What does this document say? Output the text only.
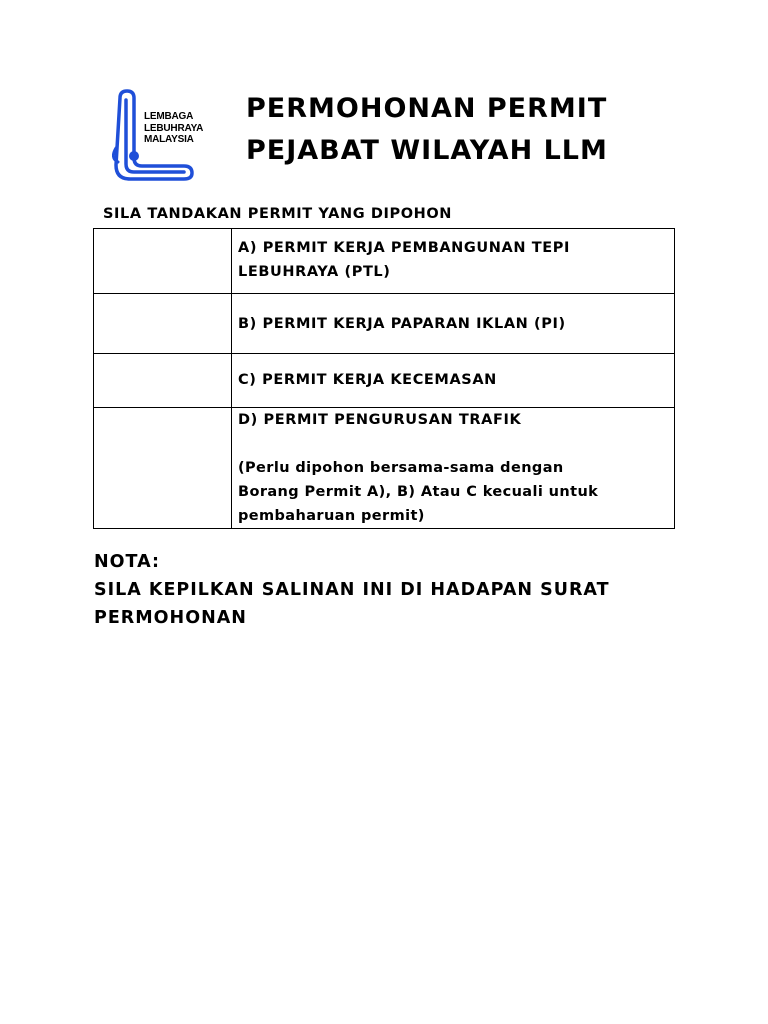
LEMBAGA
LEBUHRAYA
MALAYSIA
PERMOHONAN PERMIT
PEJABAT WILAYAH LLM
SILA TANDAKAN PERMIT YANG DIPOHON

	A) PERMIT KERJA PEMBANGUNAN TEPI
LEBUHRAYA (PTL)

	B) PERMIT KERJA PAPARAN IKLAN (PI)

	C) PERMIT KERJA KECEMASAN

	D) PERMIT PENGURUSAN TRAFIK
(Perlu dipohon bersama-sama dengan
Borang Permit A), B) Atau C kecuali untuk
pembaharuan permit)
NOTA:
SILA KEPILKAN SALINAN INI DI HADAPAN SURAT
PERMOHONAN
